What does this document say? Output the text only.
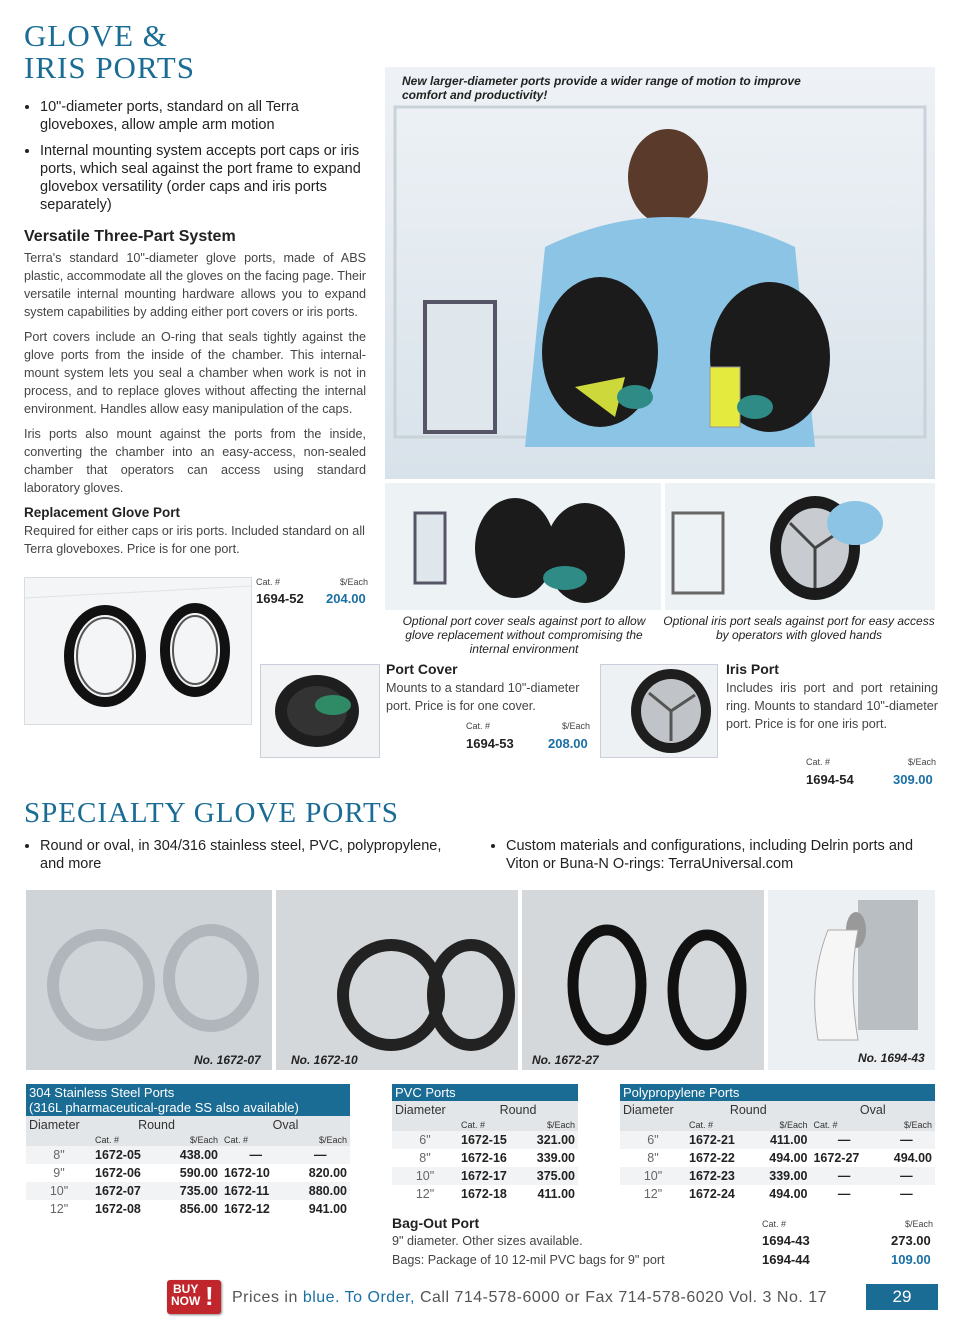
GLOVE &
IRIS PORTS
• 10"-diameter ports, standard on all Terra gloveboxes, allow ample arm motion
• Internal mounting system accepts port caps or iris ports, which seal against the port frame to expand glovebox versatility (order caps and iris ports separately)
Versatile Three-Part System

Terra's standard 10"-diameter glove ports, made of ABS plastic, accommodate all the gloves on the facing page. Their versatile internal mounting hardware allows you to expand system capabilities by adding either port covers or iris ports.

Port covers include an O-ring that seals tightly against the glove ports from the inside of the chamber. This internal-mount system lets you seal a chamber when work is not in process, and to replace gloves without affecting the internal environment. Handles allow easy manipulation of the caps.

Iris ports also mount against the ports from the inside, converting the chamber into an easy-access, non-sealed chamber that operators can access using standard laboratory gloves.

Replacement Glove Port
Required for either caps or iris ports. Included standard on all Terra gloveboxes. Price is for one port.
Cat. #	$/Each
1694-52 204.00
New larger-diameter ports provide a wider range of motion to improve comfort and productivity!
Optional port cover seals against port to allow glove replacement without compromising the internal environment
Optional iris port seals against port for easy access by operators with gloved hands
Port Cover
Mounts to a standard 10"-diameter port. Price is for one cover.
Cat. #	$/Each
1694-53	208.00
Iris Port
Includes iris port and port retaining ring. Mounts to standard 10"-diameter port. Price is for one iris port.
Cat. #	$/Each
1694-54	309.00
SPECIALTY GLOVE PORTS
• Round or oval, in 304/316 stainless steel, PVC, polypropylene, and more
• Custom materials and configurations, including Delrin ports and Viton or Buna-N O-rings: TerraUniversal.com
No. 1672-07	No. 1672-10	No. 1672-27	No. 1694-43
304 Stainless Steel Ports
(316L pharmaceutical-grade SS also available)
Diameter	Round		Oval	
	Cat. #	$/Each	Cat. #	$/Each
8"	1672-05	438.00	—	—
9"	1672-06	590.00	1672-10	820.00
10"	1672-07	735.00	1672-11	880.00
12"	1672-08	856.00	1672-12	941.00
PVC Ports
Diameter	Round	
	Cat. #	$/Each
6"	1672-15	321.00
8"	1672-16	339.00
10"	1672-17	375.00
12"	1672-18	411.00
Polypropylene Ports
Diameter	Round		Oval	
	Cat. #	$/Each	Cat. #	$/Each
6"	1672-21	411.00	—	—
8"	1672-22	494.00	1672-27	494.00
10"	1672-23	339.00	—	—
12"	1672-24	494.00	—	—
Bag-Out Port
9" diameter. Other sizes available.
Bags: Package of 10 12-mil PVC bags for 9" port
Cat. #	$/Each
1694-43	273.00
1694-44	109.00
BUY
NOW ! Prices in blue. To Order, Call 714-578-6000 or Fax 714-578-6020 Vol. 3 No. 17	29
